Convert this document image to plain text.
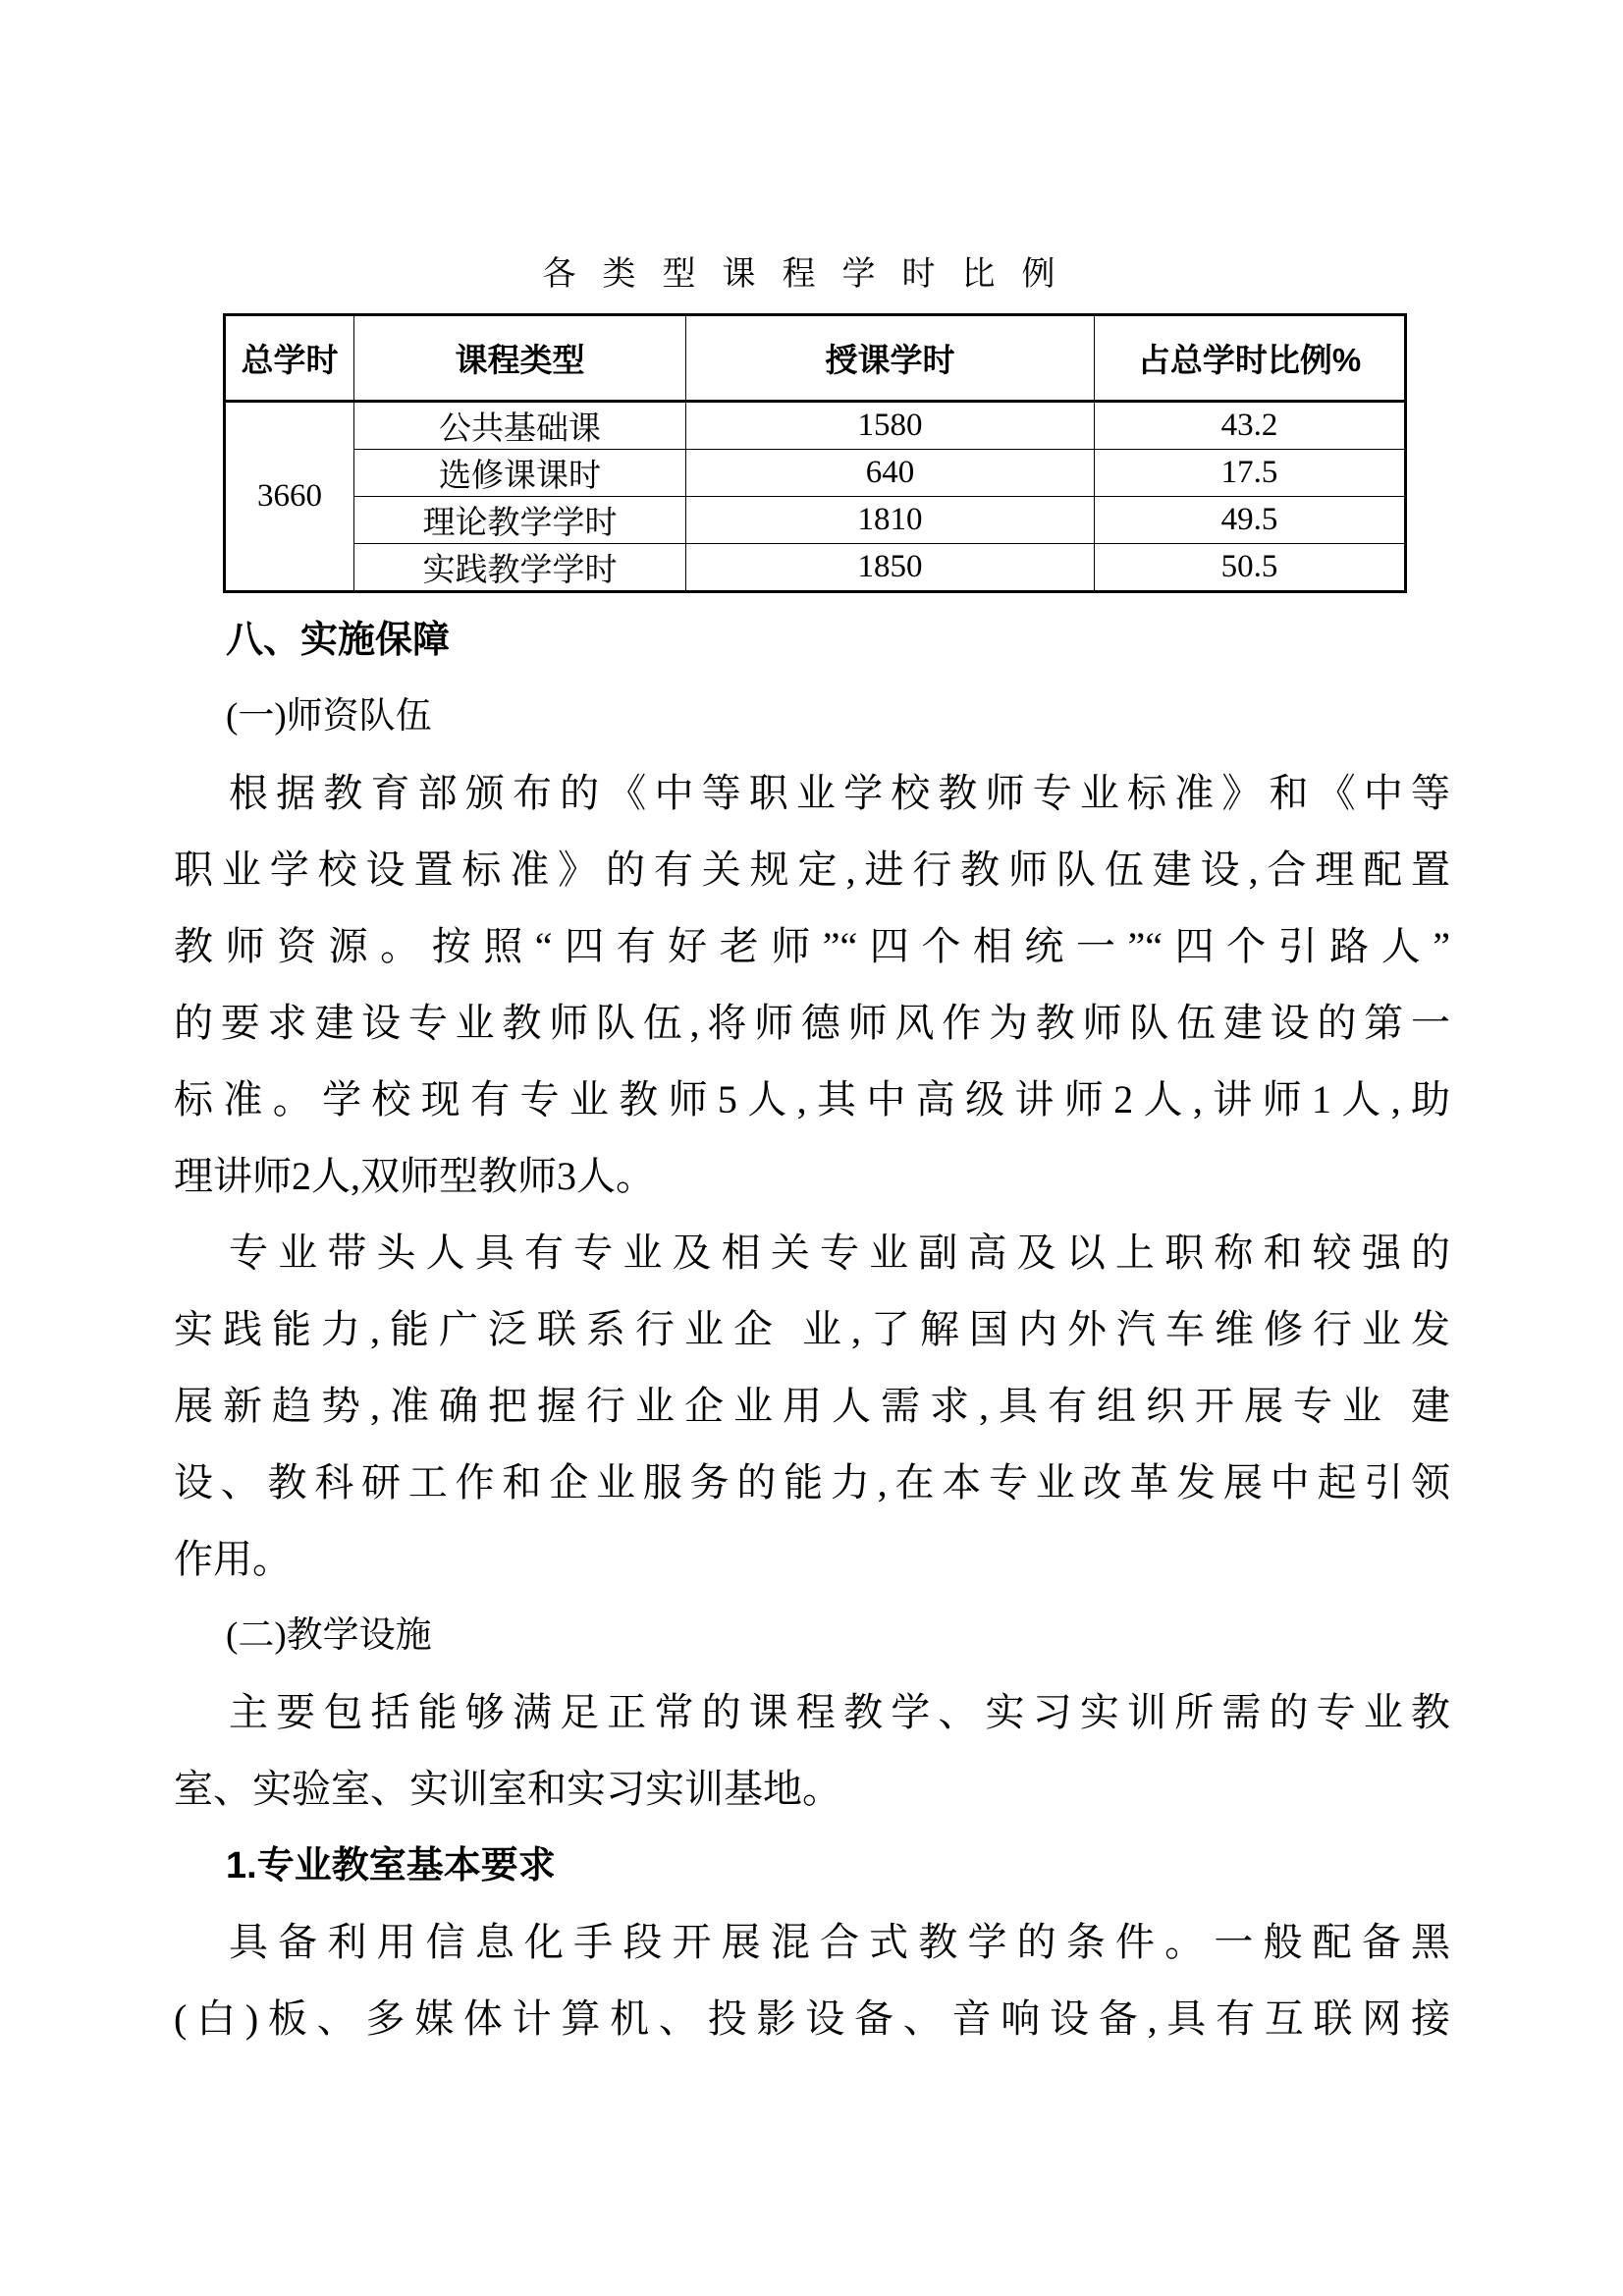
各类型课程学时比例
总学时	课程类型	授课学时	占总学时比例%
3660	公共基础课	1580	43.2
	选修课课时	640	17.5
	理论教学学时	1810	49.5
	实践教学学时	1850	50.5
八、实施保障
(一)师资队伍
根据教育部颁布的《中等职业学校教师专业标准》和《中等
职业学校设置标准》的有关规定,进行教师队伍建设,合理配置
教师资源。按照“四有好老师”“四个相统一”“四个引路人”
的要求建设专业教师队伍,将师德师风作为教师队伍建设的第一
标准。学校现有专业教师5人,其中高级讲师2人,讲师1人,助
理讲师2人,双师型教师3人。
专业带头人具有专业及相关专业副高及以上职称和较强的
实践能力,能广泛联系行业企 业,了解国内外汽车维修行业发
展新趋势,准确把握行业企业用人需求,具有组织开展专业 建
设、教科研工作和企业服务的能力,在本专业改革发展中起引领
作用。
(二)教学设施
主要包括能够满足正常的课程教学、实习实训所需的专业教
室、实验室、实训室和实习实训基地。
1.专业教室基本要求
具备利用信息化手段开展混合式教学的条件。一般配备黑
(白)板、多媒体计算机、投影设备、音响设备,具有互联网接
